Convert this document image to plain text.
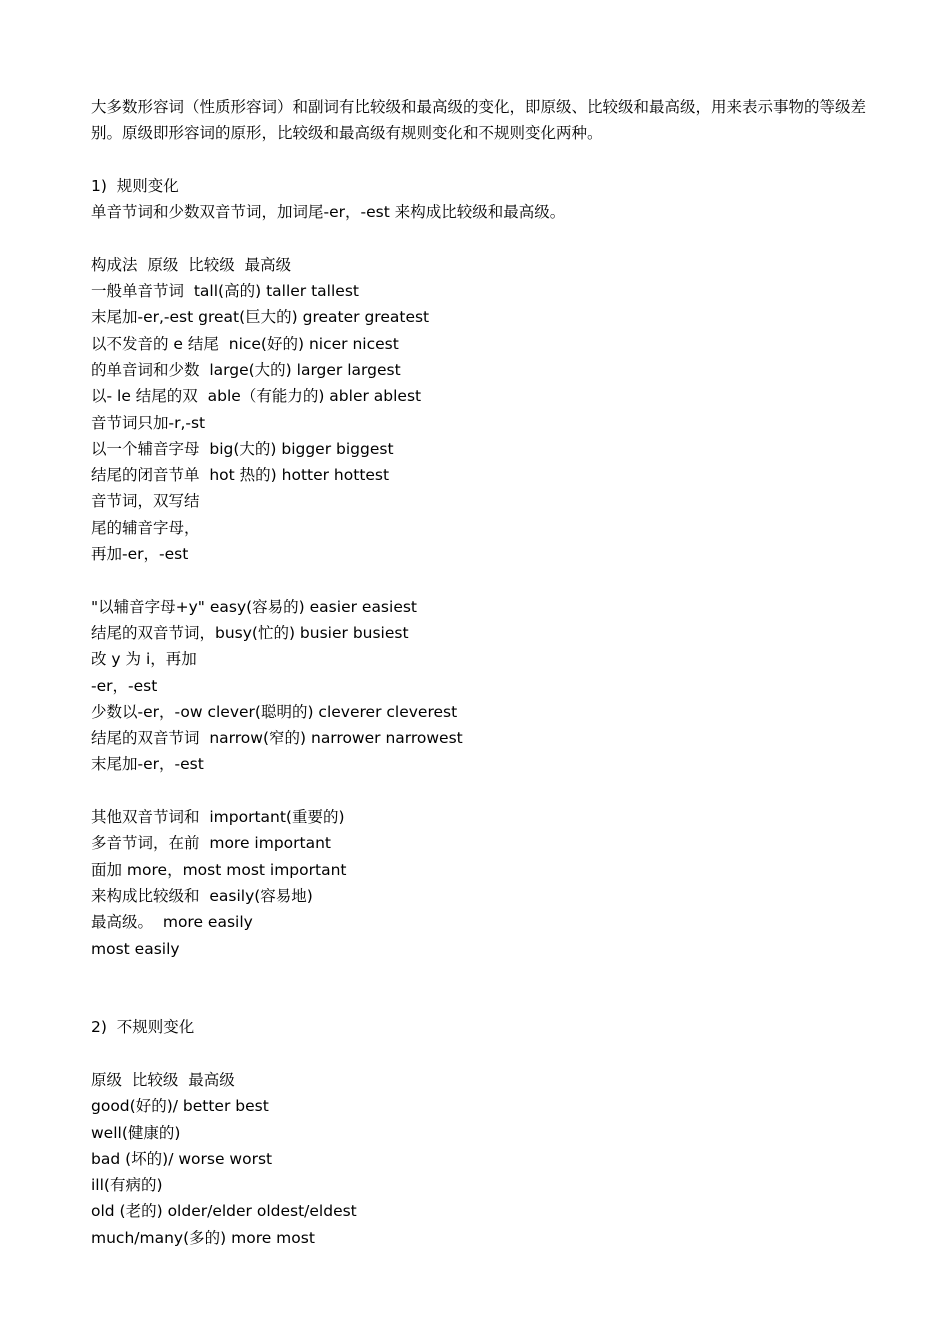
大多数形容词（性质形容词）和副词有比较级和最高级的变化，即原级、比较级和最高级，用来表示事物的等级差别。原级即形容词的原形，比较级和最高级有规则变化和不规则变化两种。
1)  规则变化
单音节词和少数双音节词，加词尾-er，-est 来构成比较级和最高级。
构成法  原级  比较级  最高级
一般单音节词  tall(高的) taller tallest
末尾加-er,-est great(巨大的) greater greatest
以不发音的 e 结尾  nice(好的) nicer nicest
的单音词和少数  large(大的) larger largest
以- le 结尾的双  able（有能力的) abler ablest
音节词只加-r,-st
以一个辅音字母  big(大的) bigger biggest
结尾的闭音节单  hot 热的) hotter hottest
音节词，双写结
尾的辅音字母，
再加-er，-est
"以辅音字母+y" easy(容易的) easier easiest
结尾的双音节词，busy(忙的) busier busiest
改 y 为 i，再加
-er，-est
少数以-er，-ow clever(聪明的) cleverer cleverest
结尾的双音节词  narrow(窄的) narrower narrowest
末尾加-er，-est
其他双音节词和  important(重要的)
多音节词，在前  more important
面加 more，most most important
来构成比较级和  easily(容易地)
最高级。  more easily
most easily
2)  不规则变化
原级  比较级  最高级
good(好的)/ better best
well(健康的)
bad (坏的)/ worse worst
ill(有病的)
old (老的) older/elder oldest/eldest
much/many(多的) more most
